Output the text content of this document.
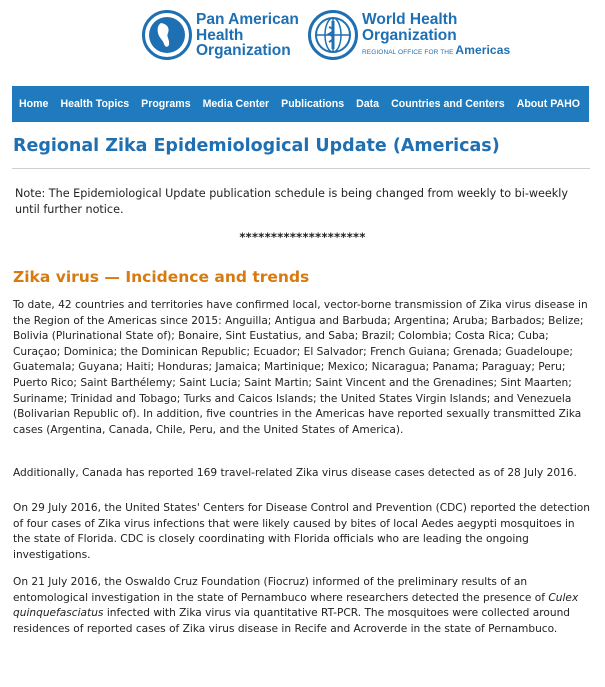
Pan American
Health
Organization
World Health
Organization
REGIONAL OFFICE FOR THE Americas
Home	Health Topics	Programs	Media Center	Publications	Data	Countries and Centers	About PAHO
Regional Zika Epidemiological Update (Americas)

Note: The Epidemiological Update publication schedule is being changed from weekly to bi-weekly until further notice.

********************

Zika virus — Incidence and trends

To date, 42 countries and territories have confirmed local, vector-borne transmission of Zika virus disease in the Region of the Americas since 2015: Anguilla; Antigua and Barbuda; Argentina; Aruba; Barbados; Belize; Bolivia (Plurinational State of); Bonaire, Sint Eustatius, and Saba; Brazil; Colombia; Costa Rica; Cuba; Curaçao; Dominica; the Dominican Republic; Ecuador; El Salvador; French Guiana; Grenada; Guadeloupe; Guatemala; Guyana; Haiti; Honduras; Jamaica; Martinique; Mexico; Nicaragua; Panama; Paraguay; Peru; Puerto Rico; Saint Barthélemy; Saint Lucia; Saint Martin; Saint Vincent and the Grenadines; Sint Maarten; Suriname; Trinidad and Tobago; Turks and Caicos Islands; the United States Virgin Islands; and Venezuela (Bolivarian Republic of). In addition, five countries in the Americas have reported sexually transmitted Zika cases (Argentina, Canada, Chile, Peru, and the United States of America).

Additionally, Canada has reported 169 travel-related Zika virus disease cases detected as of 28 July 2016.

On 29 July 2016, the United States' Centers for Disease Control and Prevention (CDC) reported the detection of four cases of Zika virus infections that were likely caused by bites of local Aedes aegypti mosquitoes in the state of Florida. CDC is closely coordinating with Florida officials who are leading the ongoing investigations.

On 21 July 2016, the Oswaldo Cruz Foundation (Fiocruz) informed of the preliminary results of an entomological investigation in the state of Pernambuco where researchers detected the presence of Culex quinquefasciatus infected with Zika virus via quantitative RT-PCR. The mosquitoes were collected around residences of reported cases of Zika virus disease in Recife and Acroverde in the state of Pernambuco.
